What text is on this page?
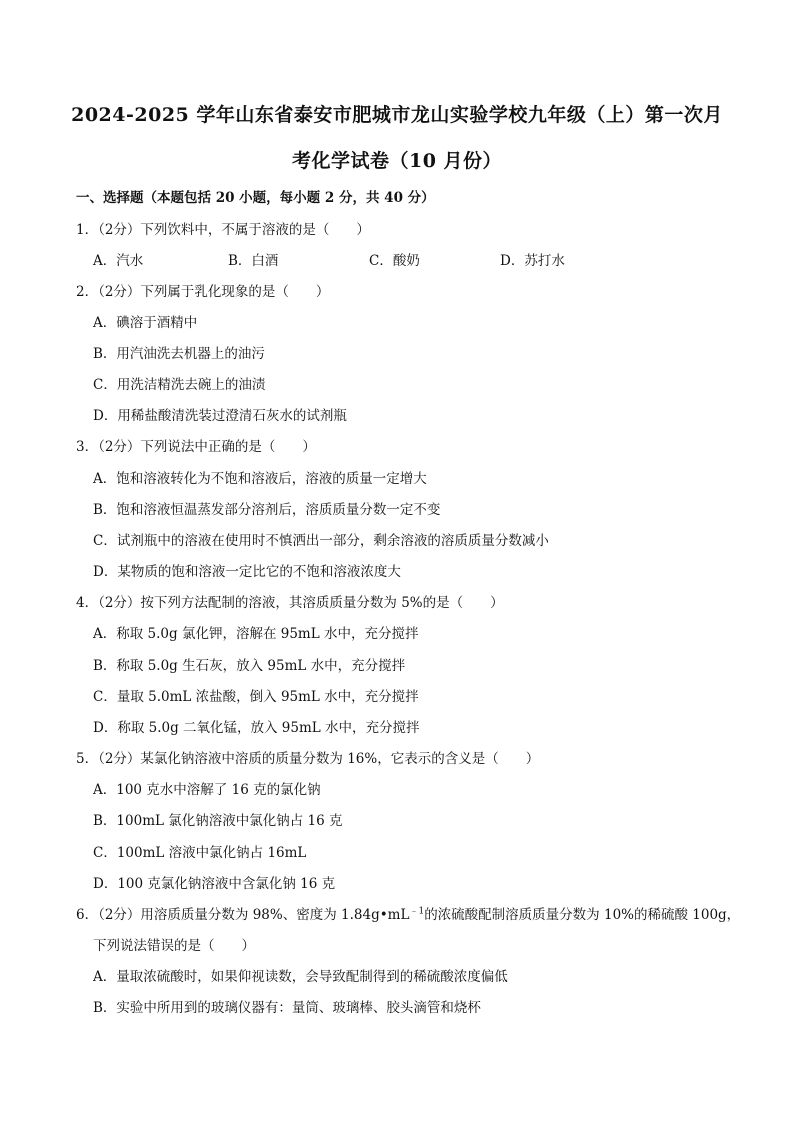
2024-2025 学年山东省泰安市肥城市龙山实验学校九年级（上）第一次月
考化学试卷（10 月份）
一、选择题（本题包括 20 小题，每小题 2 分，共 40 分）
1．（2分）下列饮料中，不属于溶液的是（　　）
A．汽水	B．白酒	C．酸奶	D．苏打水
2．（2分）下列属于乳化现象的是（　　）
A．碘溶于酒精中
B．用汽油洗去机器上的油污
C．用洗洁精洗去碗上的油渍
D．用稀盐酸清洗装过澄清石灰水的试剂瓶
3．（2分）下列说法中正确的是（　　）
A．饱和溶液转化为不饱和溶液后，溶液的质量一定增大
B．饱和溶液恒温蒸发部分溶剂后，溶质质量分数一定不变
C．试剂瓶中的溶液在使用时不慎洒出一部分，剩余溶液的溶质质量分数减小
D．某物质的饱和溶液一定比它的不饱和溶液浓度大
4．（2分）按下列方法配制的溶液，其溶质质量分数为 5%的是（　　）
A．称取 5.0g 氯化钾，溶解在 95mL 水中，充分搅拌
B．称取 5.0g 生石灰，放入 95mL 水中，充分搅拌
C．量取 5.0mL 浓盐酸，倒入 95mL 水中，充分搅拌
D．称取 5.0g 二氧化锰，放入 95mL 水中，充分搅拌
5．（2分）某氯化钠溶液中溶质的质量分数为 16%，它表示的含义是（　　）
A．100 克水中溶解了 16 克的氯化钠
B．100mL 氯化钠溶液中氯化钠占 16 克
C．100mL 溶液中氯化钠占 16mL
D．100 克氯化钠溶液中含氯化钠 16 克
6．（2分）用溶质质量分数为 98%、密度为 $1.84g•mL^{﹣1}$的浓硫酸配制溶质质量分数为 10%的稀硫酸 100g，
下列说法错误的是（　　）
A．量取浓硫酸时，如果仰视读数，会导致配制得到的稀硫酸浓度偏低
B．实验中所用到的玻璃仪器有：量筒、玻璃棒、胶头滴管和烧杯
